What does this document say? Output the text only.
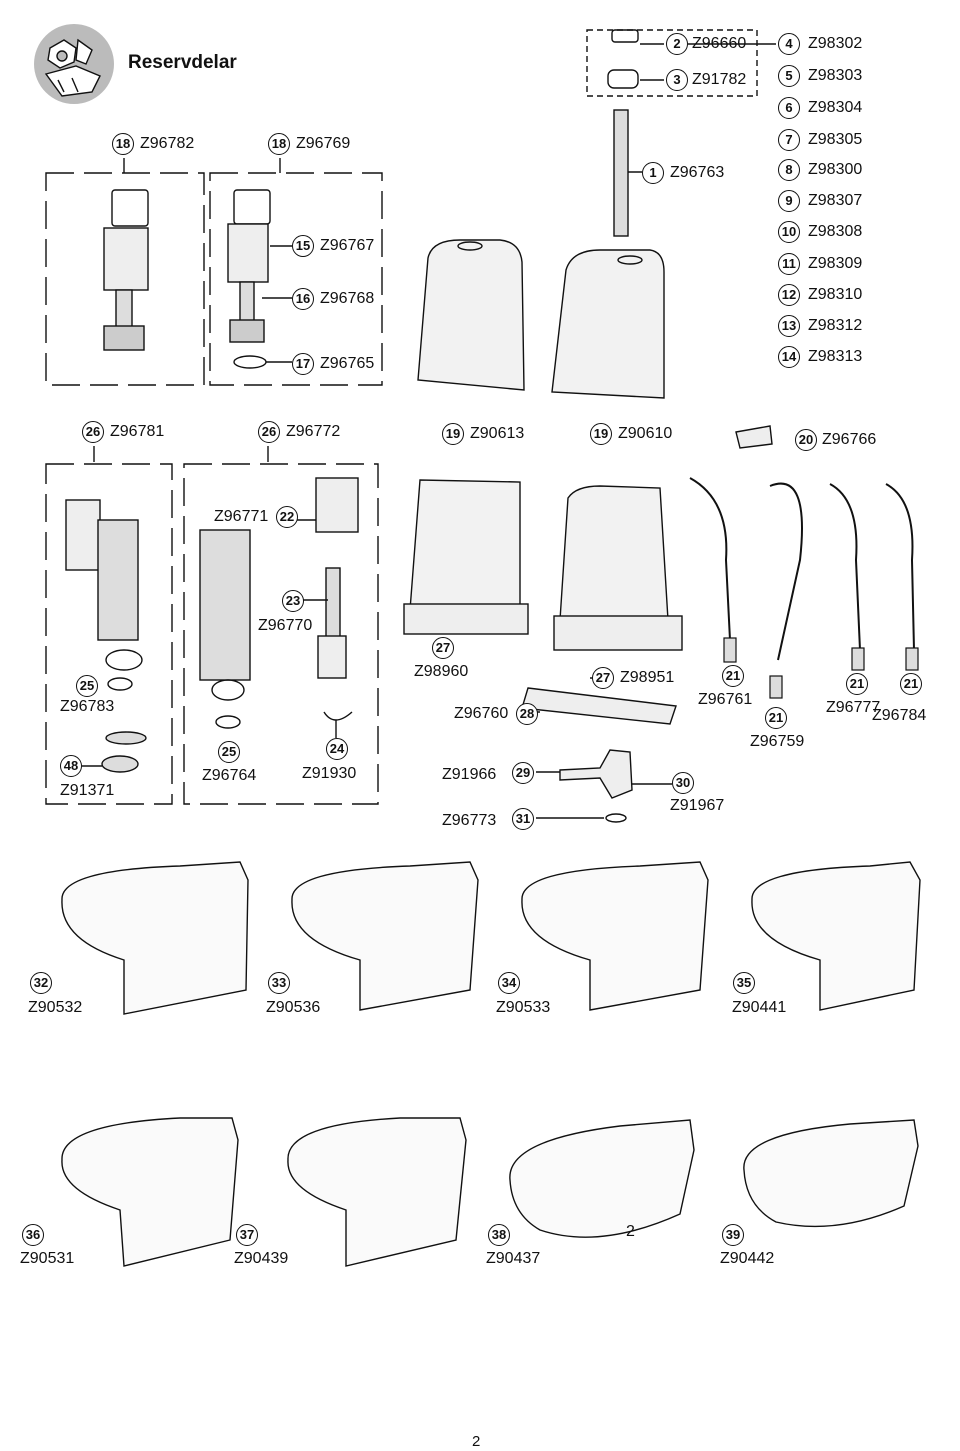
Reservdelar
2 Z96660
3 Z91782
4 Z98302
5 Z98303
6 Z98304
7 Z98305
8 Z98300
9 Z98307
10 Z98308
11 Z98309
12 Z98310
13 Z98312
14 Z98313
1 Z96763
18 Z96782	18 Z96769
15 Z96767
16 Z96768
17 Z96765
26 Z96781	26 Z96772	19 Z90613	19 Z90610	20 Z96766
Z96771 22
23
Z96770
25
Z96783
48
Z91371
25
Z96764
24
Z91930
27
Z98960	27 Z98951
Z96760 28
Z91966 29
Z96773 31
30
Z91967
21
Z96761
21
Z96759
21
Z96777
21
Z96784
32
Z90532
33
Z90536
34
Z90533
35
Z90441
36
Z90531
37
Z90439
38
Z90437
39
Z90442
2
2
